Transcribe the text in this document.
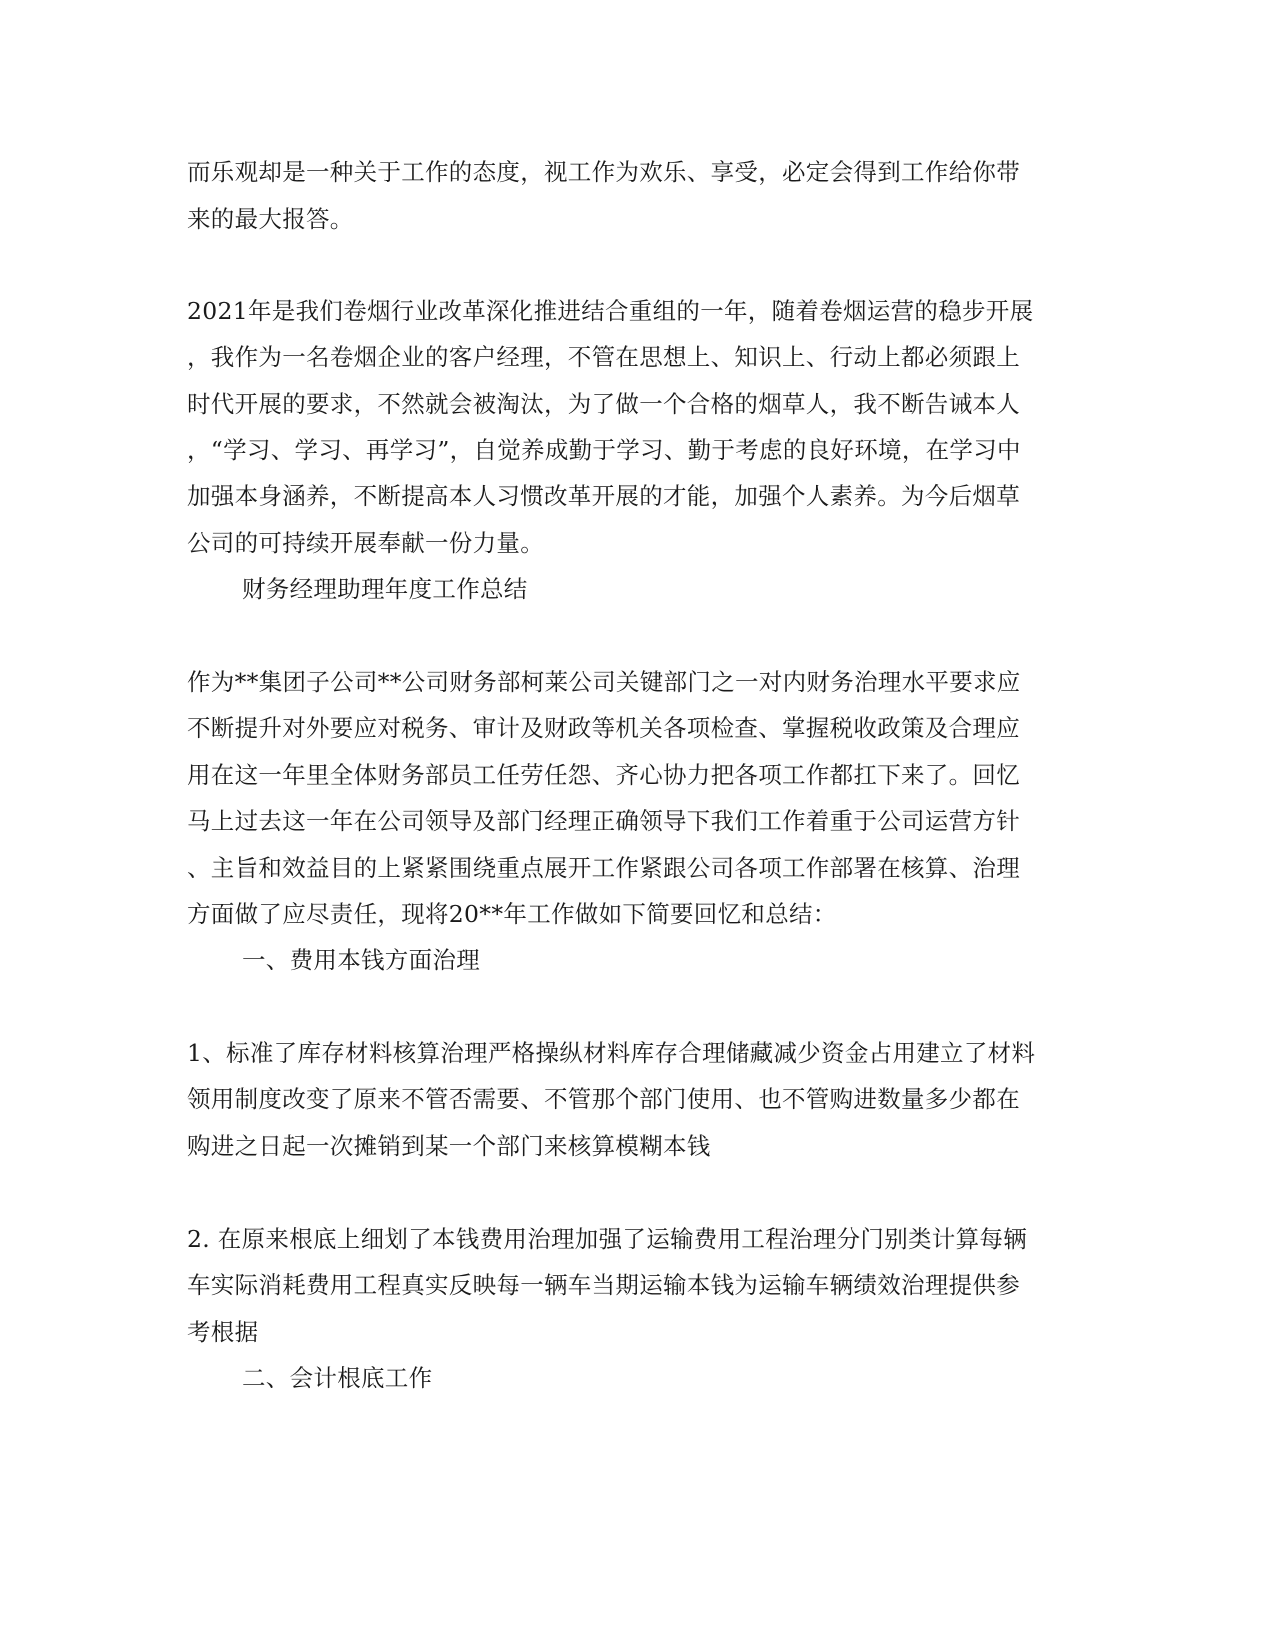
而乐观却是一种关于工作的态度，视工作为欢乐、享受，必定会得到工作给你带
来的最大报答。
2021年是我们卷烟行业改革深化推进结合重组的一年，随着卷烟运营的稳步开展
，我作为一名卷烟企业的客户经理，不管在思想上、知识上、行动上都必须跟上
时代开展的要求，不然就会被淘汰，为了做一个合格的烟草人，我不断告诫本人
，“学习、学习、再学习”，自觉养成勤于学习、勤于考虑的良好环境，在学习中
加强本身涵养，不断提高本人习惯改革开展的才能，加强个人素养。为今后烟草
公司的可持续开展奉献一份力量。
财务经理助理年度工作总结
作为**集团子公司**公司财务部柯莱公司关键部门之一对内财务治理水平要求应
不断提升对外要应对税务、审计及财政等机关各项检查、掌握税收政策及合理应
用在这一年里全体财务部员工任劳任怨、齐心协力把各项工作都扛下来了。回忆
马上过去这一年在公司领导及部门经理正确领导下我们工作着重于公司运营方针
、主旨和效益目的上紧紧围绕重点展开工作紧跟公司各项工作部署在核算、治理
方面做了应尽责任，现将20**年工作做如下简要回忆和总结：
一、费用本钱方面治理
1、标准了库存材料核算治理严格操纵材料库存合理储藏减少资金占用建立了材料
领用制度改变了原来不管否需要、不管那个部门使用、也不管购进数量多少都在
购进之日起一次摊销到某一个部门来核算模糊本钱
2. 在原来根底上细划了本钱费用治理加强了运输费用工程治理分门别类计算每辆
车实际消耗费用工程真实反映每一辆车当期运输本钱为运输车辆绩效治理提供参
考根据
二、会计根底工作
